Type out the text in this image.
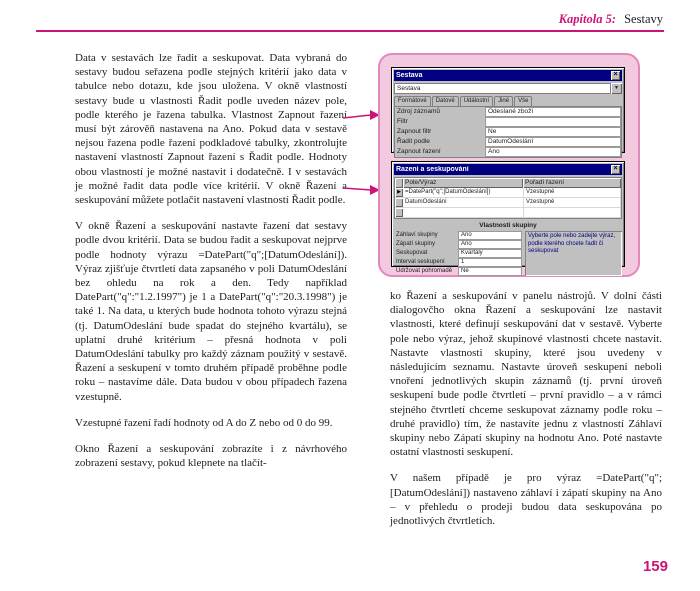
Kapitola 5: Sestavy

Data v sestavách lze řadit a seskupovat. Data vybraná do sestavy budou seřazena podle stejných kritérií jako data v tabulce nebo dotazu, kde jsou uložena. V okně vlastností sestavy bude u vlastnosti Řadit podle uveden název pole, podle kterého je řazena tabulka. Vlastnost Zapnout řazení musí být zárověň nastavena na Ano. Pokud data v sestavě nejsou řazena podle řazení podkladové tabulky, zkontrolujte nastavení vlastností Zapnout řazení s Řadit podle. Hodnoty obou vlastností je možné nastavit i dodatečně. I v sestavách je možné řadit data podle více kritérií. V okně Řazení a seskupování můžete potlačit nastavení vlastností Řadit podle.

V okně Řazení a seskupování nastavte řazení dat sestavy podle dvou kritérií. Data se budou řadit a seskupovat nejprve podle hodnoty výrazu =DatePart("q";[DatumOdeslání]). Výraz zjišťuje čtvrtletí data zapsaného v poli DatumOdeslání bez ohledu na rok a den. Tedy například DatePart("q":"1.2.1997") je 1 a DatePart("q":"20.3.1998") je také 1. Na data, u kterých bude hodnota tohoto výrazu stejná (tj. DatumOdeslání bude spadat do stejného kvartálu), se uplatní druhé kritérium – přesná hodnota v poli DatumOdeslání tabulky pro každý záznam použitý v sestavě. Řazení a seskupení v tomto druhém případě proběhne podle roku – nastavíme dále. Data budou v obou případech řazena vzestupně.

Vzestupné řazení řadí hodnoty od A do Z nebo od 0 do 99.

Okno Řazení a seskupování zobrazíte i z návrhového zobrazení sestavy, pokud klepnete na tlačít-

ko Řazení a seskupování v panelu nástrojů. V dolní části dialogovčho okna Řazení a seskupování lze nastavit vlastnosti, které definují seskupování dat v sestavě. Vyberte pole nebo výraz, jehož skupinové vlastnosti chcete nastavit. Nastavte vlastnosti skupiny, které jsou uvedeny v následujícím seznamu. Nastavte úroveň seskupení neboli vnoření jednotlivých skupin záznamů (tj. první úroveň seskupení bude podle čtvrtletí – první pravidlo – a v rámci stejného čtvrtletí chceme seskupovat záznamy podle roku – druhé pravidlo) tím, že nastavíte jednu z vlastností Záhlaví skupiny nebo Zápatí skupiny na hodnotu Ano. Poté nastavte ostatní vlastnosti seskupení.

V našem případě je pro výraz =DatePart("q"; [DatumOdeslání]) nastaveno záhlaví i zápatí skupiny na Ano – v přehledu o prodeji budou data seskupována po jednotlivých čtvrtletích.

Sestava	×
Sestava	▼
Formátové	Datové	Událostní	Jiné	Vše
Zdroj záznamů	Odeslané zboží
Filtr
Zapnout filtr	Ne
Řadit podle	DatumOdeslání
Zapnout řazení	Ano
Řazení a seskupování	×
Pole/Výraz	Pořadí řazení
▶ =DatePart("q";[DatumOdeslání])	Vzestupné
DatumOdeslání	Vzestupné
Vlastnosti skupiny
Záhlaví skupiny	Ano
Zápatí skupiny	Ano
Seskupovat	Kvartály
Interval seskupení	1
Udržovat pohromadě	Ne
Vyberte pole nebo zadejte výraz, podle kterého chcete řadit či seskupovat
159
